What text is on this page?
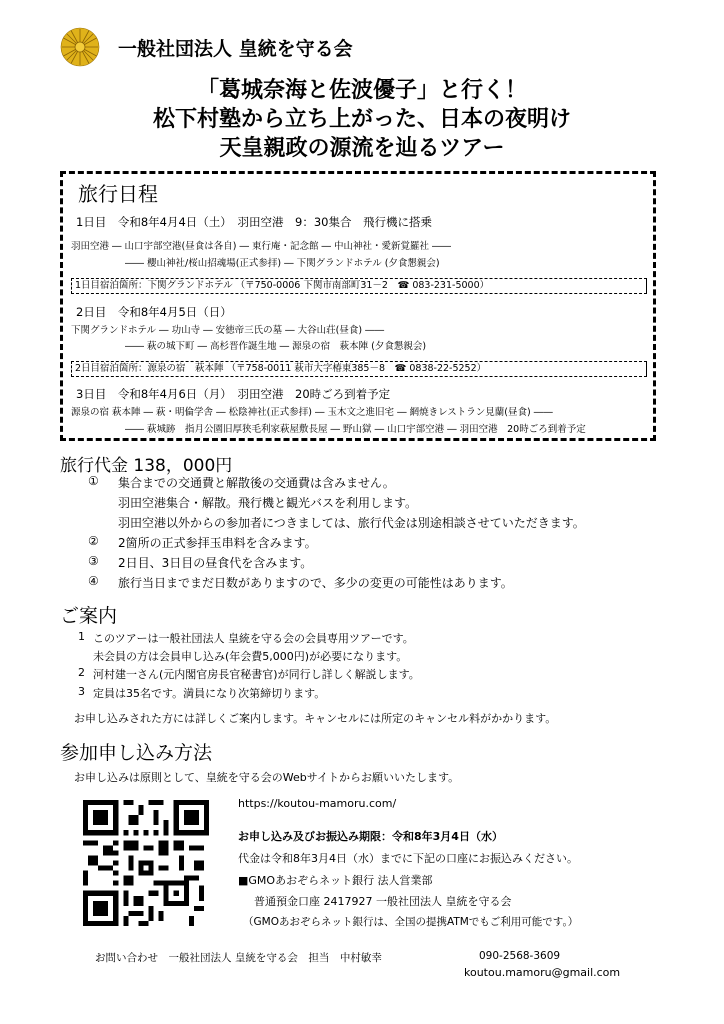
一般社団法人 皇統を守る会
「葛城奈海と佐波優子」と行く！
松下村塾から立ち上がった、日本の夜明け
天皇親政の源流を辿るツアー
旅行日程
1日目　令和8年4月4日（土）　羽田空港　9：30集合　飛行機に搭乗
羽田空港 ― 山口宇部空港(昼食は各自) ― 東行庵・記念館 ― 中山神社・愛新覚羅社 ――
―― 櫻山神社/桜山招魂場(正式参拝) ― 下関グランドホテル (夕食懇親会)
1日目宿泊箇所：下関グランドホテル （〒750-0006 下関市南部町31－2　☎ 083-231-5000）
2日目　令和8年4月5日（日）
下関グランドホテル ― 功山寺 ― 安徳帝三氏の墓 ― 大谷山荘(昼食) ――
―― 萩の城下町 ― 高杉晋作誕生地 ― 源泉の宿　萩本陣 (夕食懇親会)
2日目宿泊箇所：源泉の宿　萩本陣 （〒758-0011 萩市大字椿東385－8　☎ 0838-22-5252）
3日目　令和8年4月6日（月）　羽田空港　20時ごろ到着予定
源泉の宿 萩本陣 ― 萩・明倫学舎 ― 松陰神社(正式参拝) ― 玉木文之進旧宅 ― 網焼きレストラン見蘭(昼食) ――
―― 萩城跡　指月公園旧厚狭毛利家萩屋敷長屋 ― 野山獄 ― 山口宇部空港 ― 羽田空港　20時ごろ到着予定
旅行代金 138，000円
① 集合までの交通費と解散後の交通費は含みません。
羽田空港集合・解散。飛行機と観光バスを利用します。
羽田空港以外からの参加者につきましては、旅行代金は別途相談させていただきます。
② 2箇所の正式参拝玉串料を含みます。
③ 2日目、3日目の昼食代を含みます。
④ 旅行当日までまだ日数がありますので、多少の変更の可能性はあります。
ご案内
1 このツアーは一般社団法人 皇統を守る会の会員専用ツアーです。
未会員の方は会員申し込み(年会費5,000円)が必要になります。
2 河村建一さん(元内閣官房長官秘書官)が同行し詳しく解説します。
3 定員は35名です。満員になり次第締切ります。
お申し込みされた方には詳しくご案内します。キャンセルには所定のキャンセル料がかかります。
参加申し込み方法
お申し込みは原則として、皇統を守る会のWebサイトからお願いいたします。
https://koutou-mamoru.com/
お申し込み及びお振込み期限：令和8年3月4日（水）
代金は令和8年3月4日（水）までに下記の口座にお振込みください。
■GMOあおぞらネット銀行 法人営業部
普通預金口座 2417927 一般社団法人 皇統を守る会
（GMOあおぞらネット銀行は、全国の提携ATMでもご利用可能です。）
お問い合わせ　一般社団法人 皇統を守る会　担当　中村敏幸	090-2568-3609
koutou.mamoru@gmail.com
